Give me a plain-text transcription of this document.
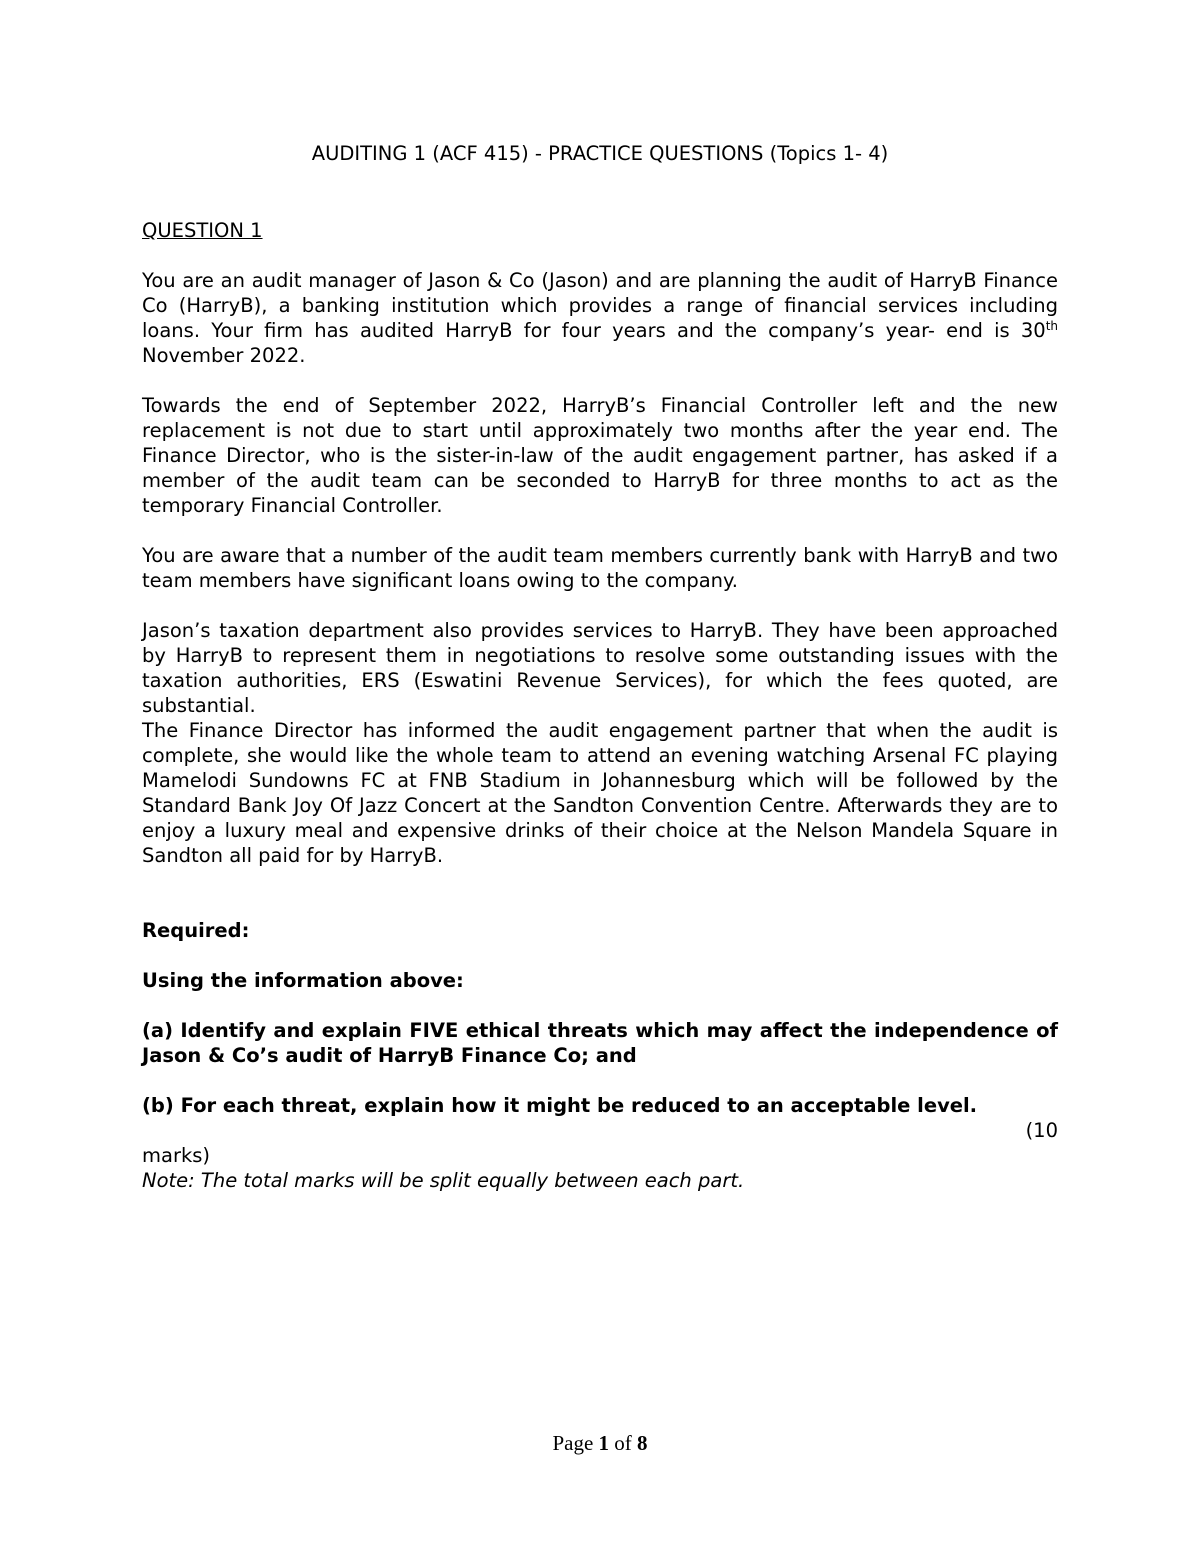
AUDITING 1 (ACF 415) - PRACTICE QUESTIONS (Topics 1- 4)
QUESTION 1

You are an audit manager of Jason & Co (Jason) and are planning the audit of HarryB Finance Co (HarryB), a banking institution which provides a range of financial services including loans. Your firm has audited HarryB for four years and the company’s year- end is 30th November 2022.

Towards the end of September 2022, HarryB’s Financial Controller left and the new replacement is not due to start until approximately two months after the year end. The Finance Director, who is the sister-in-law of the audit engagement partner, has asked if a member of the audit team can be seconded to HarryB for three months to act as the temporary Financial Controller.

You are aware that a number of the audit team members currently bank with HarryB and two team members have significant loans owing to the company.

Jason’s taxation department also provides services to HarryB. They have been approached by HarryB to represent them in negotiations to resolve some outstanding issues with the taxation authorities, ERS (Eswatini Revenue Services), for which the fees quoted, are substantial.

The Finance Director has informed the audit engagement partner that when the audit is complete, she would like the whole team to attend an evening watching Arsenal FC playing Mamelodi Sundowns FC at FNB Stadium in Johannesburg which will be followed by the Standard Bank Joy Of Jazz Concert at the Sandton Convention Centre. Afterwards they are to enjoy a luxury meal and expensive drinks of their choice at the Nelson Mandela Square in Sandton all paid for by HarryB.

Required:

Using the information above:

(a) Identify and explain FIVE ethical threats which may affect the independence of Jason & Co’s audit of HarryB Finance Co; and

(b) For each threat, explain how it might be reduced to an acceptable level.

(10

marks)

Note: The total marks will be split equally between each part.

Page 1 of 8
